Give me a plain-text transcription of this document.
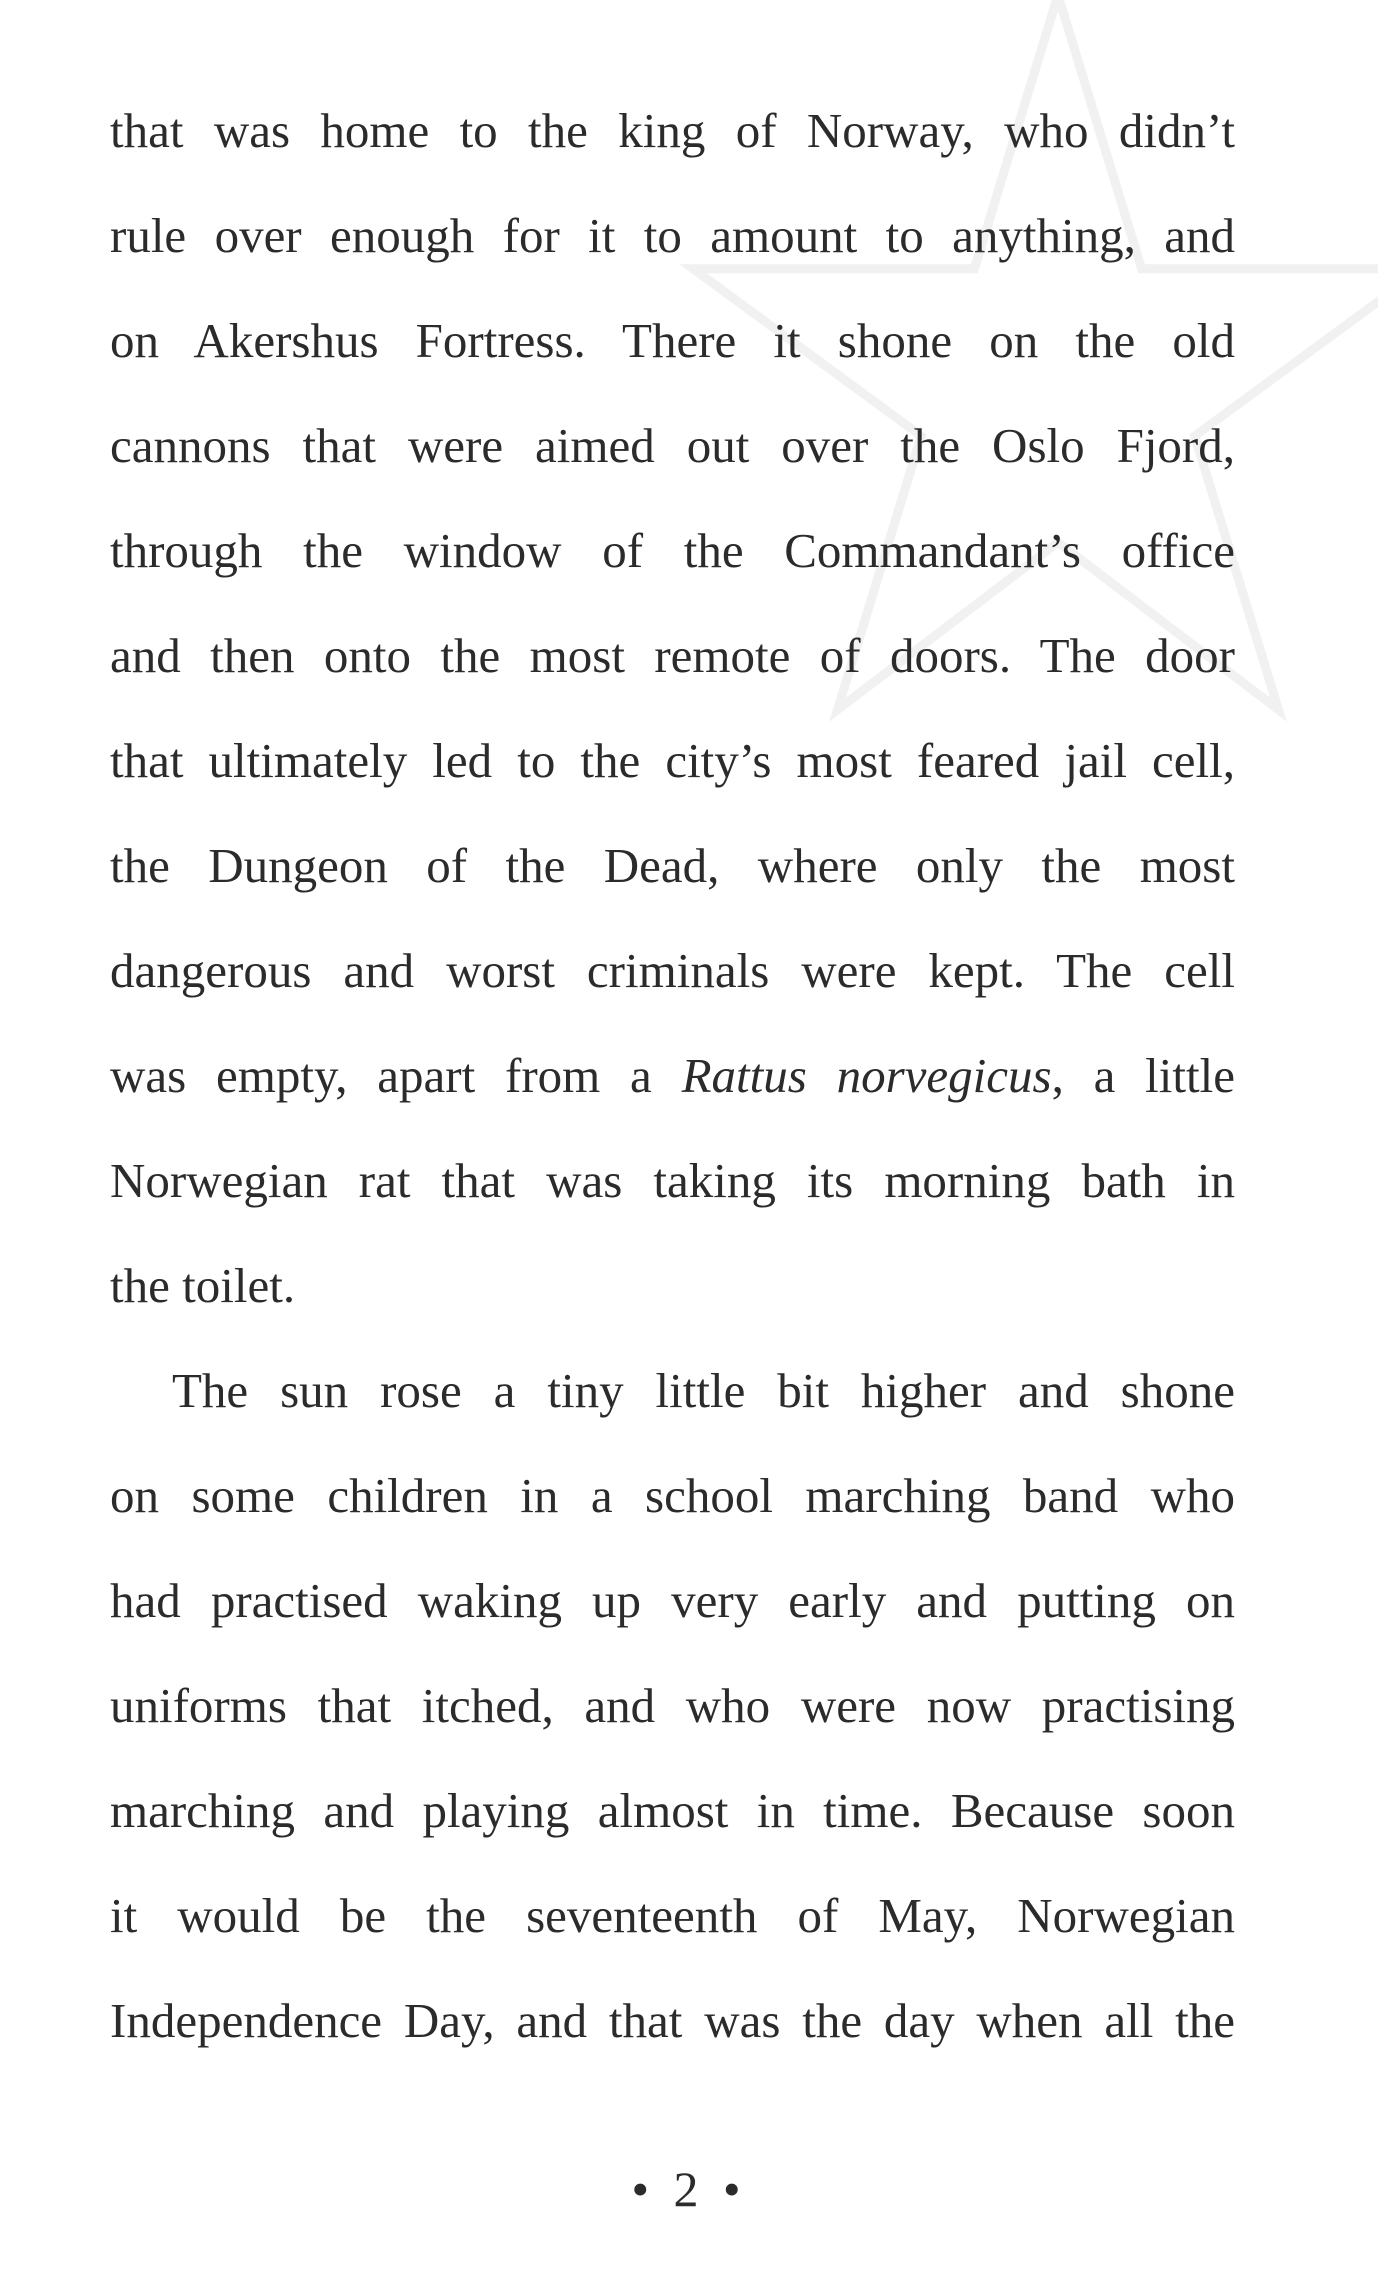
that was home to the king of Norway, who didn’t
rule over enough for it to amount to anything, and
on Akershus Fortress. There it shone on the old
cannons that were aimed out over the Oslo Fjord,
through the window of the Commandant’s office
and then onto the most remote of doors. The door
that ultimately led to the city’s most feared jail cell,
the Dungeon of the Dead, where only the most
dangerous and worst criminals were kept. The cell
was empty, apart from a Rattus norvegicus, a little
Norwegian rat that was taking its morning bath in
the toilet.
The sun rose a tiny little bit higher and shone
on some children in a school marching band who
had practised waking up very early and putting on
uniforms that itched, and who were now practising
marching and playing almost in time. Because soon
it would be the seventeenth of May, Norwegian
Independence Day, and that was the day when all the
• 2 •
